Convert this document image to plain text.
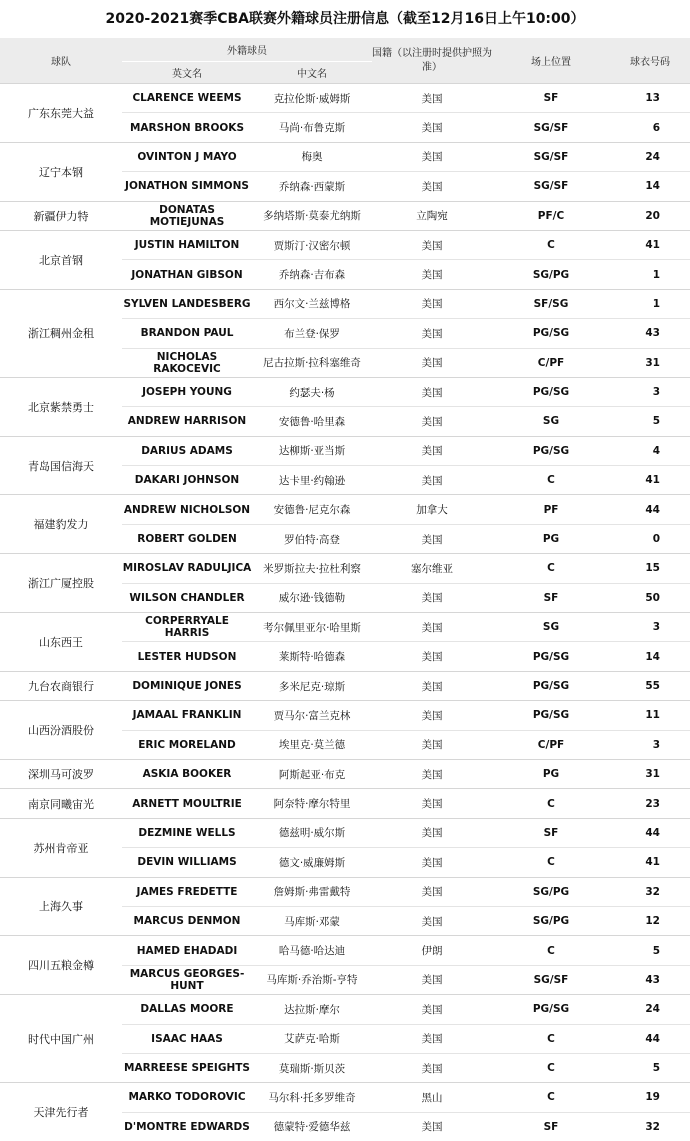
2020-2021赛季CBA联赛外籍球员注册信息（截至12月16日上午10:00）
球队	外籍球员		国籍（以注册时提供护照为准）	场上位置	球衣号码
	英文名	中文名			
广东东莞大益	CLARENCE WEEMS	克拉伦斯·威姆斯	美国	SF	13
	MARSHON BROOKS	马尚·布鲁克斯	美国	SG/SF	6
辽宁本钢	OVINTON J MAYO	梅奥	美国	SG/SF	24
	JONATHON SIMMONS	乔纳森·西蒙斯	美国	SG/SF	14
新疆伊力特	DONATAS MOTIEJUNAS	多纳塔斯·莫泰尤纳斯	立陶宛	PF/C	20
北京首钢	JUSTIN HAMILTON	贾斯汀·汉密尔顿	美国	C	41
	JONATHAN GIBSON	乔纳森·吉布森	美国	SG/PG	1
浙江稠州金租	SYLVEN LANDESBERG	西尔文·兰兹博格	美国	SF/SG	1
	BRANDON PAUL	布兰登·保罗	美国	PG/SG	43
	NICHOLAS RAKOCEVIC	尼古拉斯·拉科塞维奇	美国	C/PF	31
北京紫禁勇士	JOSEPH YOUNG	约瑟夫·杨	美国	PG/SG	3
	ANDREW HARRISON	安德鲁·哈里森	美国	SG	5
青岛国信海天	DARIUS ADAMS	达柳斯·亚当斯	美国	PG/SG	4
	DAKARI JOHNSON	达卡里·约翰逊	美国	C	41
福建豹发力	ANDREW NICHOLSON	安德鲁·尼克尔森	加拿大	PF	44
	ROBERT GOLDEN	罗伯特·高登	美国	PG	0
浙江广厦控股	MIROSLAV RADULJICA	米罗斯拉夫·拉杜利察	塞尔维亚	C	15
	WILSON CHANDLER	威尔逊·钱德勒	美国	SF	50
山东西王	CORPERRYALE HARRIS	考尔佩里亚尔·哈里斯	美国	SG	3
	LESTER HUDSON	莱斯特·哈德森	美国	PG/SG	14
九台农商银行	DOMINIQUE JONES	多米尼克·琼斯	美国	PG/SG	55
山西汾酒股份	JAMAAL FRANKLIN	贾马尔·富兰克林	美国	PG/SG	11
	ERIC MORELAND	埃里克·莫兰德	美国	C/PF	3
深圳马可波罗	ASKIA BOOKER	阿斯起亚·布克	美国	PG	31
南京同曦宙光	ARNETT MOULTRIE	阿奈特·摩尔特里	美国	C	23
苏州肯帝亚	DEZMINE WELLS	德兹明·威尔斯	美国	SF	44
	DEVIN WILLIAMS	德文·威廉姆斯	美国	C	41
上海久事	JAMES FREDETTE	詹姆斯·弗雷戴特	美国	SG/PG	32
	MARCUS DENMON	马库斯·邓蒙	美国	SG/PG	12
四川五粮金樽	HAMED EHADADI	哈马德·哈达迪	伊朗	C	5
	MARCUS GEORGES-HUNT	马库斯·乔治斯-亨特	美国	SG/SF	43
时代中国广州	DALLAS MOORE	达拉斯·摩尔	美国	PG/SG	24
	ISAAC HAAS	艾萨克·哈斯	美国	C	44
	MARREESE SPEIGHTS	莫瑞斯·斯贝茨	美国	C	5
天津先行者	MARKO TODOROVIC	马尔科·托多罗维奇	黑山	C	19
	D'MONTRE EDWARDS	德蒙特·爱德华兹	美国	SF	32
